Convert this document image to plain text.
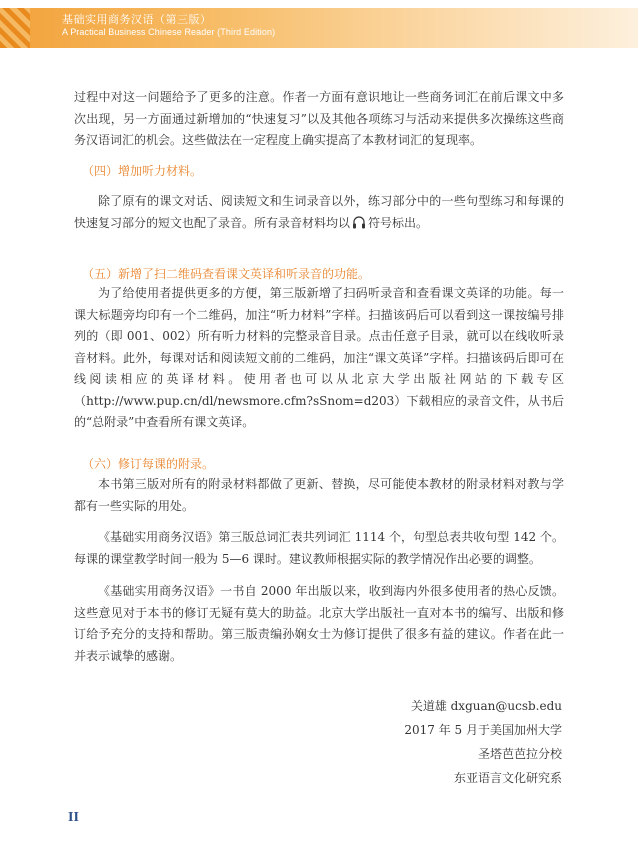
基础实用商务汉语（第三版）
A Practical Business Chinese Reader (Third Edition)

过程中对这一问题给予了更多的注意。作者一方面有意识地让一些商务词汇在前后课文中多次出现，另一方面通过新增加的“快速复习”以及其他各项练习与活动来提供多次操练这些商务汉语词汇的机会。这些做法在一定程度上确实提高了本教材词汇的复现率。

（四）增加听力材料。

除了原有的课文对话、阅读短文和生词录音以外，练习部分中的一些句型练习和每课的快速复习部分的短文也配了录音。所有录音材料均以 符号标出。

（五）新增了扫二维码查看课文英译和听录音的功能。

为了给使用者提供更多的方便，第三版新增了扫码听录音和查看课文英译的功能。每一课大标题旁均印有一个二维码，加注“听力材料”字样。扫描该码后可以看到这一课按编号排列的（即 001、002）所有听力材料的完整录音目录。点击任意子目录，就可以在线收听录音材料。此外，每课对话和阅读短文前的二维码，加注“课文英译”字样。扫描该码后即可在线阅读相应的英译材料。使用者也可以从北京大学出版社网站的下载专区（http://www.pup.cn/dl/newsmore.cfm?sSnom=d203）下载相应的录音文件，从书后的“总附录”中查看所有课文英译。

（六）修订每课的附录。

本书第三版对所有的附录材料都做了更新、替换，尽可能使本教材的附录材料对教与学都有一些实际的用处。

《基础实用商务汉语》第三版总词汇表共列词汇 1114 个，句型总表共收句型 142 个。每课的课堂教学时间一般为 5—6 课时。建议教师根据实际的教学情况作出必要的调整。

《基础实用商务汉语》一书自 2000 年出版以来，收到海内外很多使用者的热心反馈。这些意见对于本书的修订无疑有莫大的助益。北京大学出版社一直对本书的编写、出版和修订给予充分的支持和帮助。第三版责编孙娴女士为修订提供了很多有益的建议。作者在此一并表示诚挚的感谢。

关道雄 dxguan@ucsb.edu

2017 年 5 月于美国加州大学

圣塔芭芭拉分校

东亚语言文化研究系

II
